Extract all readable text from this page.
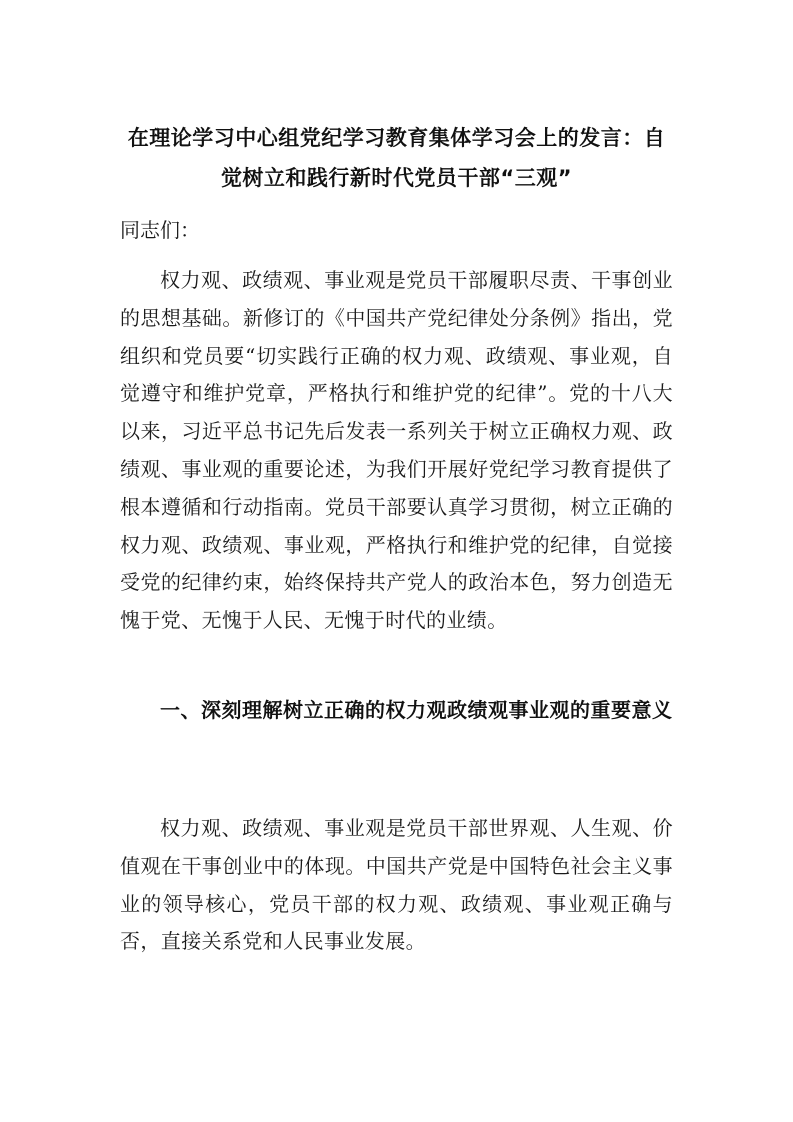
在理论学习中心组党纪学习教育集体学习会上的发言：自觉树立和践行新时代党员干部“三观”

同志们：

权力观、政绩观、事业观是党员干部履职尽责、干事创业的思想基础。新修订的《中国共产党纪律处分条例》指出，党组织和党员要“切实践行正确的权力观、政绩观、事业观，自觉遵守和维护党章，严格执行和维护党的纪律”。党的十八大以来，习近平总书记先后发表一系列关于树立正确权力观、政绩观、事业观的重要论述，为我们开展好党纪学习教育提供了根本遵循和行动指南。党员干部要认真学习贯彻，树立正确的权力观、政绩观、事业观，严格执行和维护党的纪律，自觉接受党的纪律约束，始终保持共产党人的政治本色，努力创造无愧于党、无愧于人民、无愧于时代的业绩。

一、深刻理解树立正确的权力观政绩观事业观的重要意义

权力观、政绩观、事业观是党员干部世界观、人生观、价值观在干事创业中的体现。中国共产党是中国特色社会主义事业的领导核心，党员干部的权力观、政绩观、事业观正确与否，直接关系党和人民事业发展。
